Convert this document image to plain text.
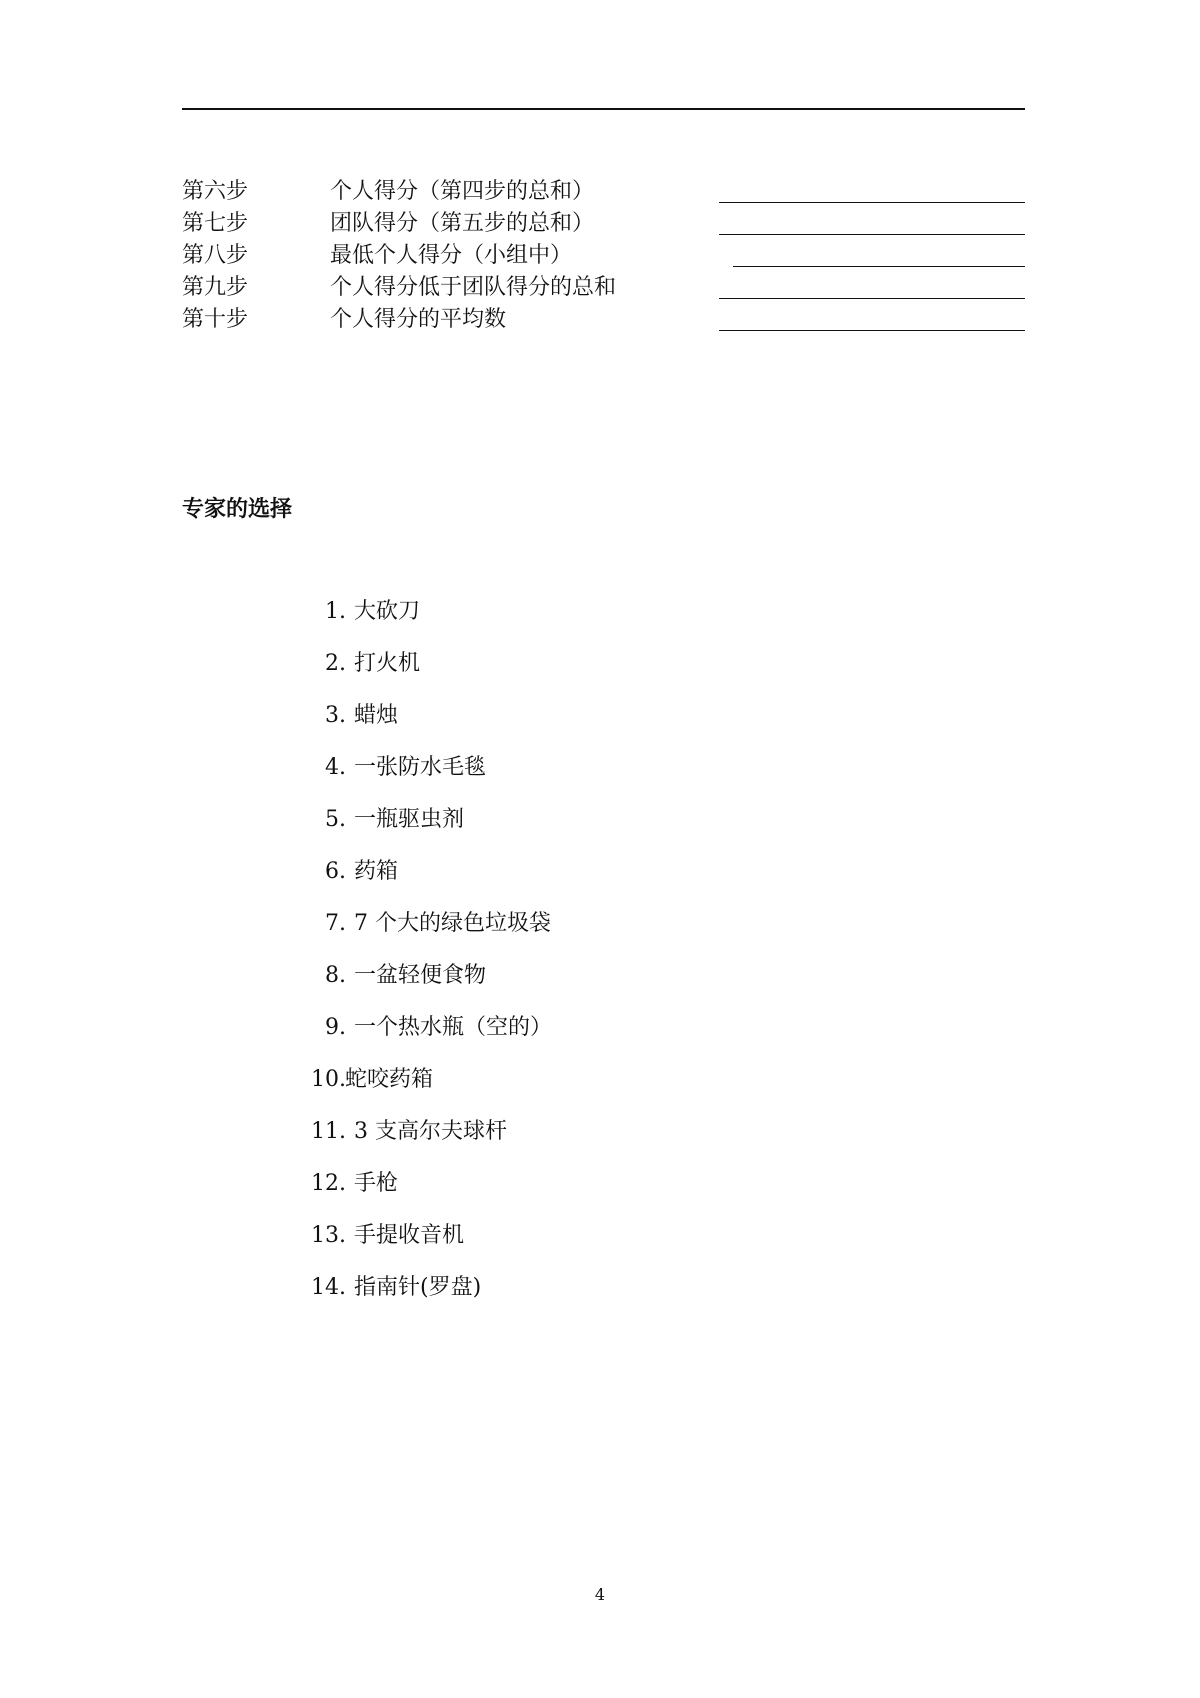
第六步	个人得分（第四步的总和）
第七步	团队得分（第五步的总和）
第八步	最低个人得分（小组中）
第九步	个人得分低于团队得分的总和
第十步	个人得分的平均数
专家的选择
1. 大砍刀
2. 打火机
3. 蜡烛
4. 一张防水毛毯
5. 一瓶驱虫剂
6. 药箱
7. 7 个大的绿色垃圾袋
8. 一盆轻便食物
9. 一个热水瓶（空的）
10. 蛇咬药箱
11. 3 支高尔夫球杆
12. 手枪
13. 手提收音机
14. 指南针(罗盘)
4
